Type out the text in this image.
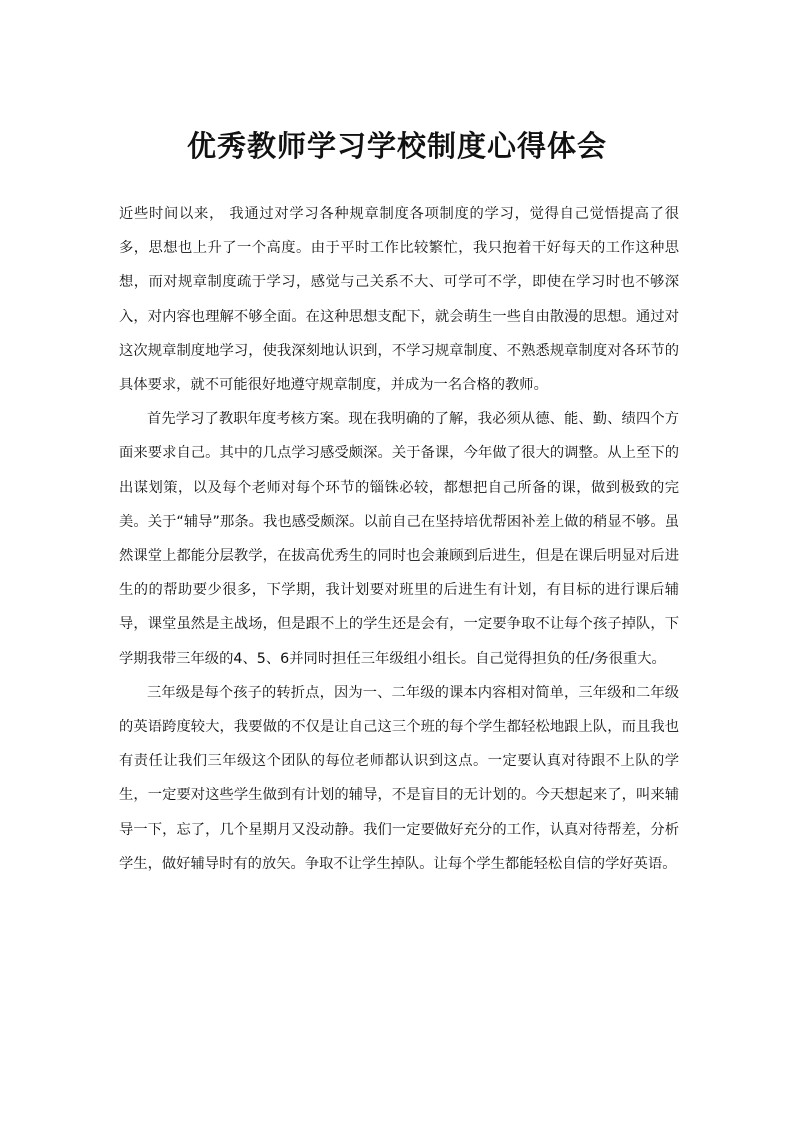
优秀教师学习学校制度心得体会

近些时间以来， 我通过对学习各种规章制度各项制度的学习，觉得自己觉悟提高了很多，思想也上升了一个高度。由于平时工作比较繁忙，我只抱着干好每天的工作这种思想，而对规章制度疏于学习，感觉与己关系不大、可学可不学，即使在学习时也不够深入，对内容也理解不够全面。在这种思想支配下，就会萌生一些自由散漫的思想。通过对这次规章制度地学习，使我深刻地认识到，不学习规章制度、不熟悉规章制度对各环节的具体要求，就不可能很好地遵守规章制度，并成为一名合格的教师。

首先学习了教职年度考核方案。现在我明确的了解，我必须从德、能、勤、绩四个方面来要求自己。其中的几点学习感受颇深。关于备课，今年做了很大的调整。从上至下的出谋划策，以及每个老师对每个环节的锱铢必较，都想把自己所备的课，做到极致的完美。关于“辅导”那条。我也感受颇深。以前自己在坚持培优帮困补差上做的稍显不够。虽然课堂上都能分层教学，在拔高优秀生的同时也会兼顾到后进生，但是在课后明显对后进生的的帮助要少很多，下学期，我计划要对班里的后进生有计划，有目标的进行课后辅导，课堂虽然是主战场，但是跟不上的学生还是会有，一定要争取不让每个孩子掉队，下学期我带三年级的4、5、6并同时担任三年级组小组长。自己觉得担负的任/务很重大。

三年级是每个孩子的转折点，因为一、二年级的课本内容相对简单，三年级和二年级的英语跨度较大，我要做的不仅是让自己这三个班的每个学生都轻松地跟上队，而且我也有责任让我们三年级这个团队的每位老师都认识到这点。一定要认真对待跟不上队的学生，一定要对这些学生做到有计划的辅导，不是盲目的无计划的。今天想起来了，叫来辅导一下，忘了，几个星期月又没动静。我们一定要做好充分的工作，认真对待帮差，分析学生，做好辅导时有的放矢。争取不让学生掉队。让每个学生都能轻松自信的学好英语。
